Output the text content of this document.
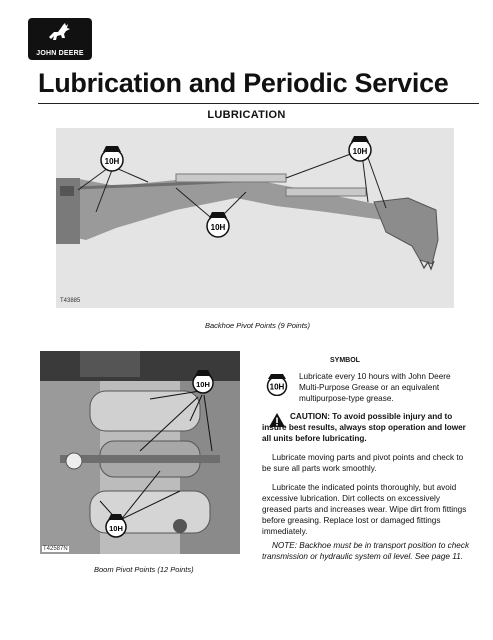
JOHN DEERE
Lubrication and Periodic Service
LUBRICATION
10H
10H
10H
T43885
Backhoe Pivot Points (9 Points)
10H
10H
T42587N
Boom Pivot Points (12 Points)
SYMBOL
10H

Lubricate every 10 hours with John Deere Multi-Purpose Grease or an equivalent multipurpose-type grease.

CAUTION: To avoid possible injury and to insure best results, always stop operation and lower all units before lubricating.

Lubricate moving parts and pivot points and check to be sure all parts work smoothly.

Lubricate the indicated points thoroughly, but avoid excessive lubrication. Dirt collects on excessively greased parts and increases wear. Wipe dirt from fittings before greasing. Replace lost or damaged fittings immediately.

NOTE: Backhoe must be in transport position to check transmission or hydraulic system oil level. See page 11.
